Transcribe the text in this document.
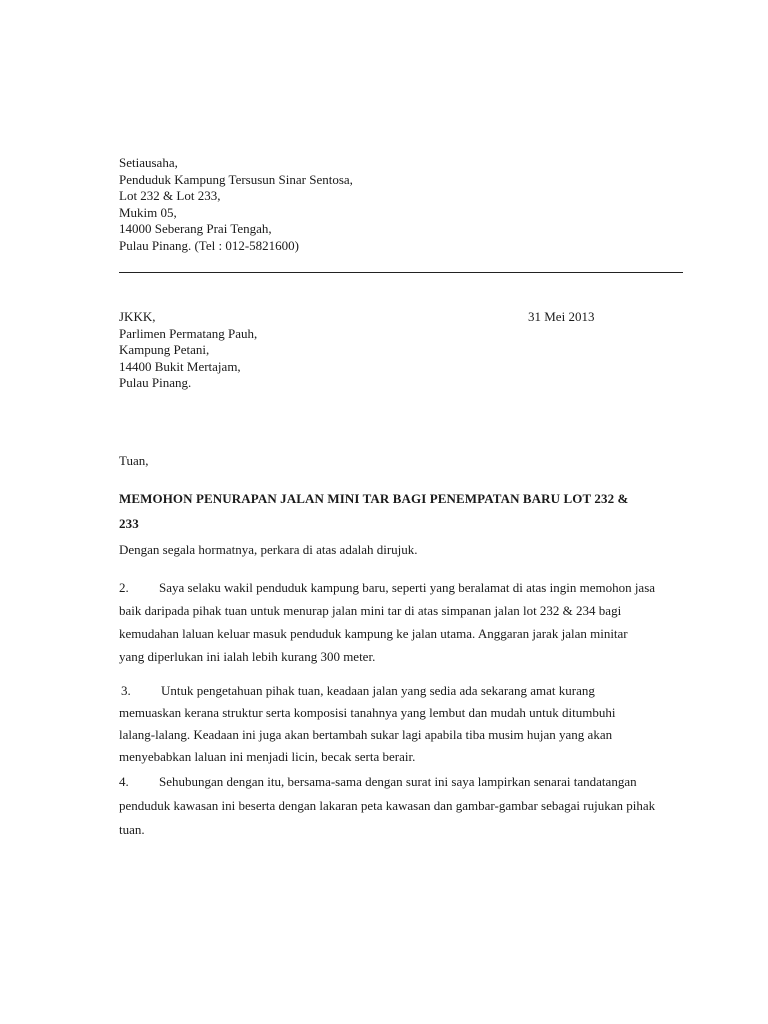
Setiausaha,
Penduduk Kampung Tersusun Sinar Sentosa,
Lot 232 & Lot 233,
Mukim 05,
14000 Seberang Prai Tengah,
Pulau Pinang. (Tel : 012-5821600)
JKKK,
Parlimen Permatang Pauh,
Kampung Petani,
14400 Bukit Mertajam,
Pulau Pinang.
31 Mei 2013
Tuan,
MEMOHON PENURAPAN JALAN MINI TAR BAGI PENEMPATAN BARU LOT 232 &
233
Dengan segala hormatnya, perkara di atas adalah dirujuk.
2. Saya selaku wakil penduduk kampung baru, seperti yang beralamat di atas ingin memohon jasa
baik daripada pihak tuan untuk menurap jalan mini tar di atas simpanan jalan lot 232 & 234 bagi
kemudahan laluan keluar masuk penduduk kampung ke jalan utama. Anggaran jarak jalan minitar
yang diperlukan ini ialah lebih kurang 300 meter.
3. Untuk pengetahuan pihak tuan, keadaan jalan yang sedia ada sekarang amat kurang
memuaskan kerana struktur serta komposisi tanahnya yang lembut dan mudah untuk ditumbuhi
lalang-lalang. Keadaan ini juga akan bertambah sukar lagi apabila tiba musim hujan yang akan
menyebabkan laluan ini menjadi licin, becak serta berair.
4. Sehubungan dengan itu, bersama-sama dengan surat ini saya lampirkan senarai tandatangan
penduduk kawasan ini beserta dengan lakaran peta kawasan dan gambar-gambar sebagai rujukan pihak
tuan.
